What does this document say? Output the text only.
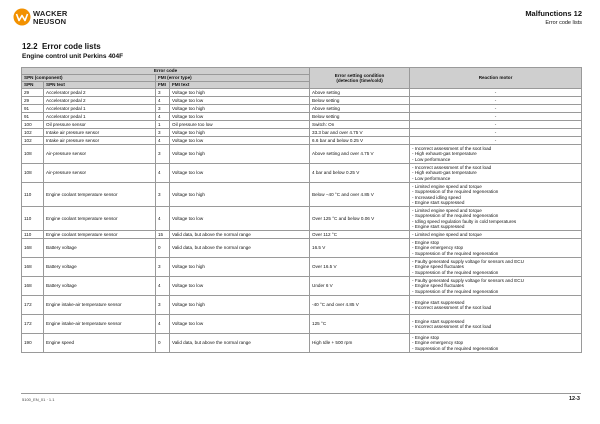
WACKER
NEUSON
Malfunctions 12
Error code lists
12.2 Error code lists
Engine control unit Perkins 404F
Error code				Error setting condition
(detection (time/cold)	Reaction motor
SPN (component)		FMI (error type)			
SPN	SPN text	FMI	FMI text		
29	Accelerator pedal 2	3	Voltage too high	Above setting	-
29	Accelerator pedal 2	4	Voltage too low	Below setting	-
91	Accelerator pedal 1	3	Voltage too high	Above setting	-
91	Accelerator pedal 1	4	Voltage too low	Below setting	-
100	Oil pressure sensor	1	Oil pressure too low	Switch: On	-
102	Intake air pressure sensor	3	Voltage too high	33.3 bar and over 4.75 V	-
102	Intake air pressure sensor	4	Voltage too low	6.6 bar and below 0.25 V	-
108	Air-pressure sensor	3	Voltage too high	Above setting and over 4.75 V	- Incorrect assessment of the soot load
- High exhaust-gas temperature
- Low performance
108	Air-pressure sensor	4	Voltage too low	4 bar and below 0.25 V	- Incorrect assessment of the soot load
- High exhaust-gas temperature
- Low performance
110	Engine coolant temperature sensor	3	Voltage too high	Below −40 °C and over 4.85 V	- Limited engine speed and torque
- Suppression of the required regeneration
- Increased idling speed
- Engine start suppressed
110	Engine coolant temperature sensor	4	Voltage too low	Over 125 °C and below 0.06 V	- Limited engine speed and torque
- Suppression of the required regeneration
- Idling speed regulation faulty in cold temperatures
- Engine start suppressed
110	Engine coolant temperature sensor	15	Valid data, but above the normal range	Over 112 °C	- Limited engine speed and torque
168	Battery voltage	0	Valid data, but above the normal range	16.5 V	- Engine stop
- Engine emergency stop
- Suppression of the required regeneration
168	Battery voltage	3	Voltage too high	Over 16.5 V	- Faulty generated supply voltage for sensors and ECU
- Engine speed fluctuates
- Suppression of the required regeneration
168	Battery voltage	4	Voltage too low	Under 6 V	- Faulty generated supply voltage for sensors and ECU
- Engine speed fluctuates
- Suppression of the required regeneration
172	Engine intake-air temperature sensor	3	Voltage too high	-40 °C and over 4.85 V	- Engine start suppressed
- Incorrect assessment of the soot load
172	Engine intake-air temperature sensor	4	Voltage too low	125 °C	- Engine start suppressed
- Incorrect assessment of the soot load
190	Engine speed	0	Valid data, but above the normal range	High Idle + 500 rpm	- Engine stop
- Engine emergency stop
- Suppression of the required regeneration
5100_EN_01 · 1.1	12-3
